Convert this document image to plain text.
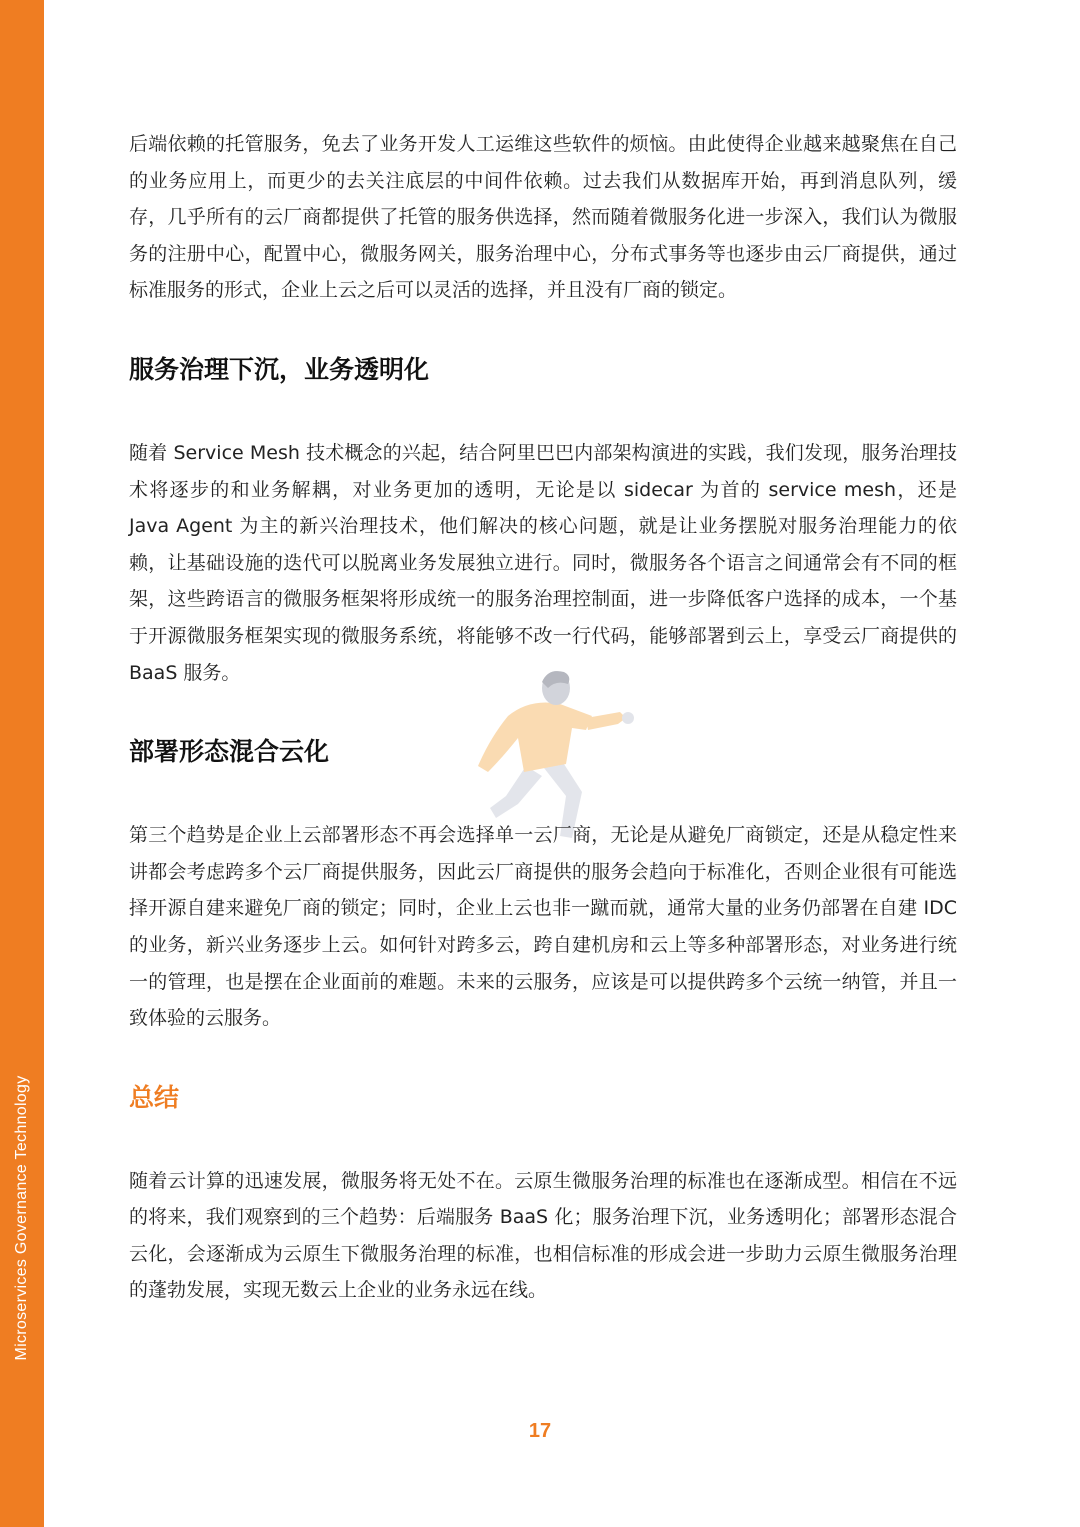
Microservices Governance Technology

后端依赖的托管服务，免去了业务开发人工运维这些软件的烦恼。由此使得企业越来越聚焦在自己的业务应用上，而更少的去关注底层的中间件依赖。过去我们从数据库开始，再到消息队列，缓存，几乎所有的云厂商都提供了托管的服务供选择，然而随着微服务化进一步深入，我们认为微服务的注册中心，配置中心，微服务网关，服务治理中心，分布式事务等也逐步由云厂商提供，通过标准服务的形式，企业上云之后可以灵活的选择，并且没有厂商的锁定。

服务治理下沉，业务透明化

随着 Service Mesh 技术概念的兴起，结合阿里巴巴内部架构演进的实践，我们发现，服务治理技术将逐步的和业务解耦，对业务更加的透明，无论是以 sidecar 为首的 service mesh，还是 Java Agent 为主的新兴治理技术，他们解决的核心问题，就是让业务摆脱对服务治理能力的依赖，让基础设施的迭代可以脱离业务发展独立进行。同时，微服务各个语言之间通常会有不同的框架，这些跨语言的微服务框架将形成统一的服务治理控制面，进一步降低客户选择的成本，一个基于开源微服务框架实现的微服务系统，将能够不改一行代码，能够部署到云上，享受云厂商提供的 BaaS 服务。

部署形态混合云化

第三个趋势是企业上云部署形态不再会选择单一云厂商，无论是从避免厂商锁定，还是从稳定性来讲都会考虑跨多个云厂商提供服务，因此云厂商提供的服务会趋向于标准化，否则企业很有可能选择开源自建来避免厂商的锁定；同时，企业上云也非一蹴而就，通常大量的业务仍部署在自建 IDC 的业务，新兴业务逐步上云。如何针对跨多云，跨自建机房和云上等多种部署形态，对业务进行统一的管理，也是摆在企业面前的难题。未来的云服务，应该是可以提供跨多个云统一纳管，并且一致体验的云服务。

总结

随着云计算的迅速发展，微服务将无处不在。云原生微服务治理的标准也在逐渐成型。相信在不远的将来，我们观察到的三个趋势：后端服务 BaaS 化；服务治理下沉，业务透明化；部署形态混合云化，会逐渐成为云原生下微服务治理的标准，也相信标准的形成会进一步助力云原生微服务治理的蓬勃发展，实现无数云上企业的业务永远在线。

17
